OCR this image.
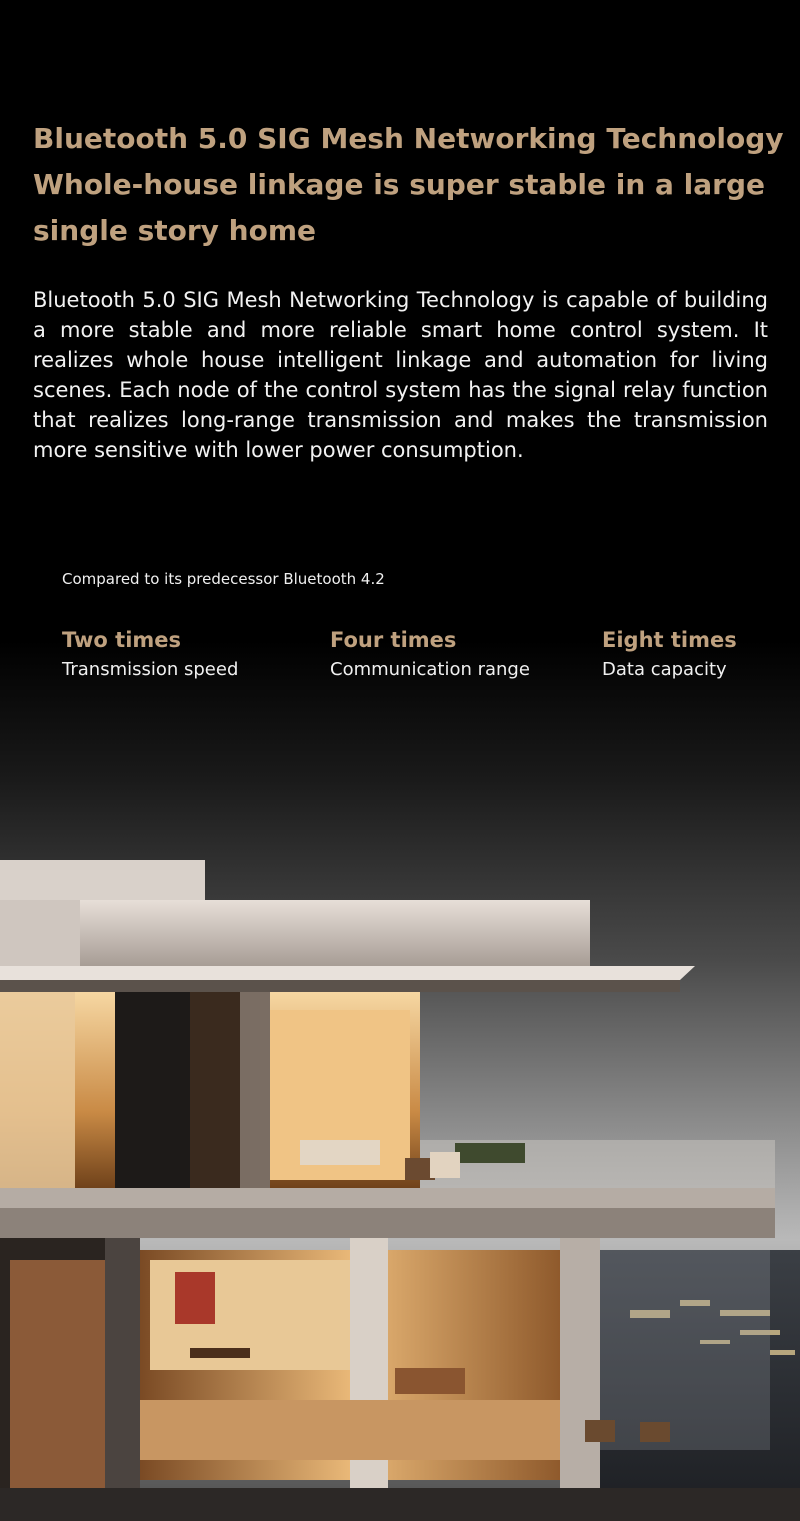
Bluetooth 5.0 SIG Mesh Networking Technology
Whole-house linkage is super stable in a large
single story home

Bluetooth 5.0 SIG Mesh Networking Technology is capable of building a more stable and more reliable smart home control system. It realizes whole house intelligent linkage and automation for living scenes. Each node of the control system has the signal relay function that realizes long-range transmission and makes the transmission more sensitive with lower power consumption.

Compared to its predecessor Bluetooth 4.2
Two times
Transmission speed
Four times
Communication range
Eight times
Data capacity
